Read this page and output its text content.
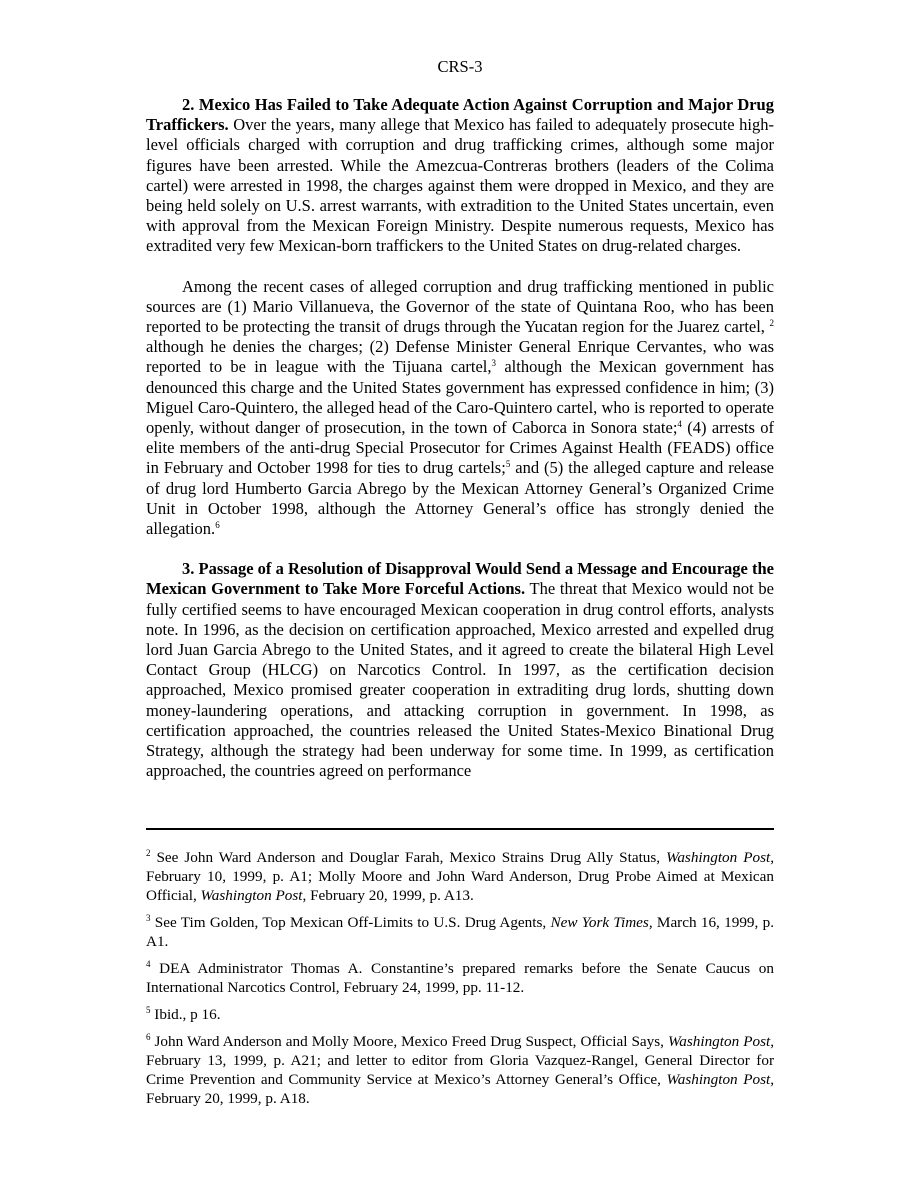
CRS-3

2. Mexico Has Failed to Take Adequate Action Against Corruption and Major Drug Traffickers. Over the years, many allege that Mexico has failed to adequately prosecute high-level officials charged with corruption and drug trafficking crimes, although some major figures have been arrested. While the Amezcua-Contreras brothers (leaders of the Colima cartel) were arrested in 1998, the charges against them were dropped in Mexico, and they are being held solely on U.S. arrest warrants, with extradition to the United States uncertain, even with approval from the Mexican Foreign Ministry. Despite numerous requests, Mexico has extradited very few Mexican-born traffickers to the United States on drug-related charges.

Among the recent cases of alleged corruption and drug trafficking mentioned in public sources are (1) Mario Villanueva, the Governor of the state of Quintana Roo, who has been reported to be protecting the transit of drugs through the Yucatan region for the Juarez cartel, $^2$ although he denies the charges; (2) Defense Minister General Enrique Cervantes, who was reported to be in league with the Tijuana cartel,$^3$ although the Mexican government has denounced this charge and the United States government has expressed confidence in him; (3) Miguel Caro-Quintero, the alleged head of the Caro-Quintero cartel, who is reported to operate openly, without danger of prosecution, in the town of Caborca in Sonora state;$^4$ (4) arrests of elite members of the anti-drug Special Prosecutor for Crimes Against Health (FEADS) office in February and October 1998 for ties to drug cartels;$^5$ and (5) the alleged capture and release of drug lord Humberto Garcia Abrego by the Mexican Attorney General’s Organized Crime Unit in October 1998, although the Attorney General’s office has strongly denied the allegation.$^6$

3. Passage of a Resolution of Disapproval Would Send a Message and Encourage the Mexican Government to Take More Forceful Actions. The threat that Mexico would not be fully certified seems to have encouraged Mexican cooperation in drug control efforts, analysts note. In 1996, as the decision on certification approached, Mexico arrested and expelled drug lord Juan Garcia Abrego to the United States, and it agreed to create the bilateral High Level Contact Group (HLCG) on Narcotics Control. In 1997, as the certification decision approached, Mexico promised greater cooperation in extraditing drug lords, shutting down money-laundering operations, and attacking corruption in government. In 1998, as certification approached, the countries released the United States-Mexico Binational Drug Strategy, although the strategy had been underway for some time. In 1999, as certification approached, the countries agreed on performance

$^2$ See John Ward Anderson and Douglar Farah, Mexico Strains Drug Ally Status, Washington Post, February 10, 1999, p. A1; Molly Moore and John Ward Anderson, Drug Probe Aimed at Mexican Official, Washington Post, February 20, 1999, p. A13.

$^3$ See Tim Golden, Top Mexican Off-Limits to U.S. Drug Agents, New York Times, March 16, 1999, p. A1.

$^4$ DEA Administrator Thomas A. Constantine’s prepared remarks before the Senate Caucus on International Narcotics Control, February 24, 1999, pp. 11-12.

$^5$ Ibid., p 16.

$^6$ John Ward Anderson and Molly Moore, Mexico Freed Drug Suspect, Official Says, Washington Post, February 13, 1999, p. A21; and letter to editor from Gloria Vazquez-Rangel, General Director for Crime Prevention and Community Service at Mexico’s Attorney General’s Office, Washington Post, February 20, 1999, p. A18.
